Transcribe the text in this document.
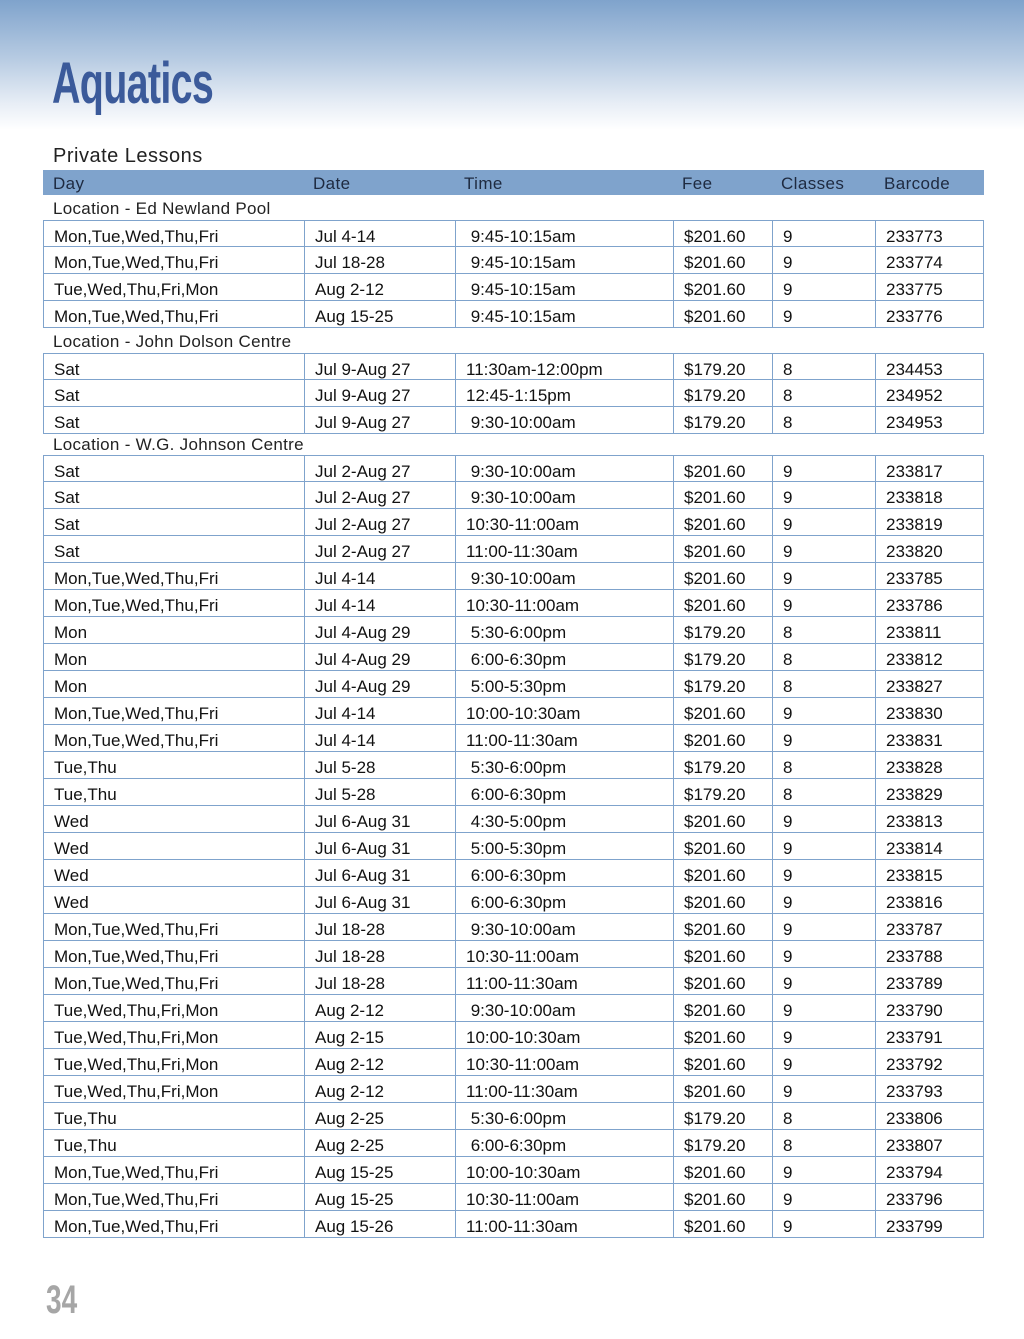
Aquatics
Private Lessons
Day	Date	Time	Fee	Classes	Barcode
Location - Ed Newland Pool
Mon,Tue,Wed,Thu,Fri	Jul 4-14	9:45-10:15am	$201.60	9	233773
Mon,Tue,Wed,Thu,Fri	Jul 18-28	9:45-10:15am	$201.60	9	233774
Tue,Wed,Thu,Fri,Mon	Aug 2-12	9:45-10:15am	$201.60	9	233775
Mon,Tue,Wed,Thu,Fri	Aug 15-25	9:45-10:15am	$201.60	9	233776
Location - John Dolson Centre
Sat	Jul 9-Aug 27	11:30am-12:00pm	$179.20	8	234453
Sat	Jul 9-Aug 27	12:45-1:15pm	$179.20	8	234952
Sat	Jul 9-Aug 27	9:30-10:00am	$179.20	8	234953
Location - W.G. Johnson Centre
Sat	Jul 2-Aug 27	9:30-10:00am	$201.60	9	233817
Sat	Jul 2-Aug 27	9:30-10:00am	$201.60	9	233818
Sat	Jul 2-Aug 27	10:30-11:00am	$201.60	9	233819
Sat	Jul 2-Aug 27	11:00-11:30am	$201.60	9	233820
Mon,Tue,Wed,Thu,Fri	Jul 4-14	9:30-10:00am	$201.60	9	233785
Mon,Tue,Wed,Thu,Fri	Jul 4-14	10:30-11:00am	$201.60	9	233786
Mon	Jul 4-Aug 29	5:30-6:00pm	$179.20	8	233811
Mon	Jul 4-Aug 29	6:00-6:30pm	$179.20	8	233812
Mon	Jul 4-Aug 29	5:00-5:30pm	$179.20	8	233827
Mon,Tue,Wed,Thu,Fri	Jul 4-14	10:00-10:30am	$201.60	9	233830
Mon,Tue,Wed,Thu,Fri	Jul 4-14	11:00-11:30am	$201.60	9	233831
Tue,Thu	Jul 5-28	5:30-6:00pm	$179.20	8	233828
Tue,Thu	Jul 5-28	6:00-6:30pm	$179.20	8	233829
Wed	Jul 6-Aug 31	4:30-5:00pm	$201.60	9	233813
Wed	Jul 6-Aug 31	5:00-5:30pm	$201.60	9	233814
Wed	Jul 6-Aug 31	6:00-6:30pm	$201.60	9	233815
Wed	Jul 6-Aug 31	6:00-6:30pm	$201.60	9	233816
Mon,Tue,Wed,Thu,Fri	Jul 18-28	9:30-10:00am	$201.60	9	233787
Mon,Tue,Wed,Thu,Fri	Jul 18-28	10:30-11:00am	$201.60	9	233788
Mon,Tue,Wed,Thu,Fri	Jul 18-28	11:00-11:30am	$201.60	9	233789
Tue,Wed,Thu,Fri,Mon	Aug 2-12	9:30-10:00am	$201.60	9	233790
Tue,Wed,Thu,Fri,Mon	Aug 2-15	10:00-10:30am	$201.60	9	233791
Tue,Wed,Thu,Fri,Mon	Aug 2-12	10:30-11:00am	$201.60	9	233792
Tue,Wed,Thu,Fri,Mon	Aug 2-12	11:00-11:30am	$201.60	9	233793
Tue,Thu	Aug 2-25	5:30-6:00pm	$179.20	8	233806
Tue,Thu	Aug 2-25	6:00-6:30pm	$179.20	8	233807
Mon,Tue,Wed,Thu,Fri	Aug 15-25	10:00-10:30am	$201.60	9	233794
Mon,Tue,Wed,Thu,Fri	Aug 15-25	10:30-11:00am	$201.60	9	233796
Mon,Tue,Wed,Thu,Fri	Aug 15-26	11:00-11:30am	$201.60	9	233799
34
